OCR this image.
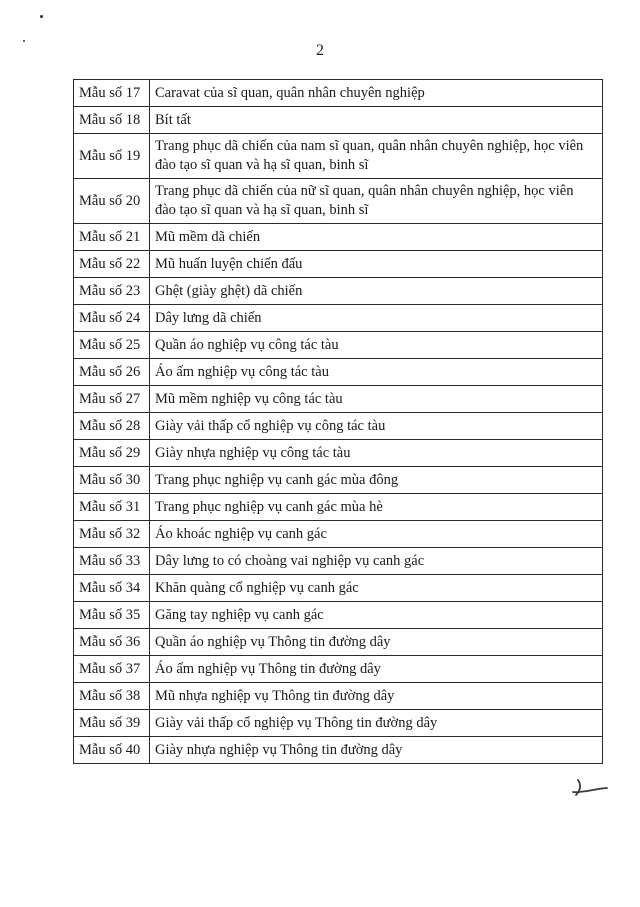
2
Mẫu số 17	Caravat của sĩ quan, quân nhân chuyên nghiệp
Mẫu số 18	Bít tất
Mẫu số 19	Trang phục dã chiến của nam sĩ quan, quân nhân chuyên nghiệp, học viên đào tạo sĩ quan và hạ sĩ quan, binh sĩ
Mẫu số 20	Trang phục dã chiến của nữ sĩ quan, quân nhân chuyên nghiệp, học viên đào tạo sĩ quan và hạ sĩ quan, binh sĩ
Mẫu số 21	Mũ mềm dã chiến
Mẫu số 22	Mũ huấn luyện chiến đấu
Mẫu số 23	Ghệt (giày ghệt) dã chiến
Mẫu số 24	Dây lưng dã chiến
Mẫu số 25	Quần áo nghiệp vụ công tác tàu
Mẫu số 26	Áo ấm nghiệp vụ công tác tàu
Mẫu số 27	Mũ mềm nghiệp vụ công tác tàu
Mẫu số 28	Giày vải thấp cổ nghiệp vụ công tác tàu
Mẫu số 29	Giày nhựa nghiệp vụ công tác tàu
Mẫu số 30	Trang phục nghiệp vụ canh gác mùa đông
Mẫu số 31	Trang phục nghiệp vụ canh gác mùa hè
Mẫu số 32	Áo khoác nghiệp vụ canh gác
Mẫu số 33	Dây lưng to có choàng vai nghiệp vụ canh gác
Mẫu số 34	Khăn quàng cổ nghiệp vụ canh gác
Mẫu số 35	Găng tay nghiệp vụ canh gác
Mẫu số 36	Quần áo nghiệp vụ Thông tin đường dây
Mẫu số 37	Áo ấm nghiệp vụ Thông tin đường dây
Mẫu số 38	Mũ nhựa nghiệp vụ Thông tin đường dây
Mẫu số 39	Giày vải thấp cổ nghiệp vụ Thông tin đường dây
Mẫu số 40	Giày nhựa nghiệp vụ Thông tin đường dây
